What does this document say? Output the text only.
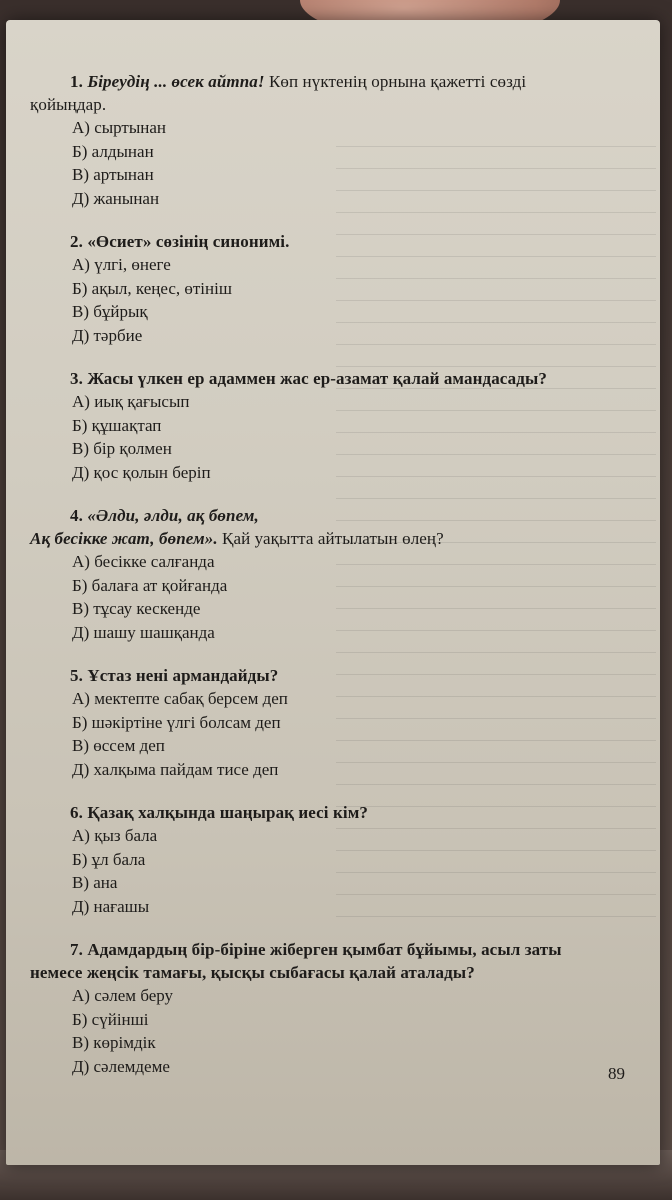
1. Біреудің ... өсек айтпа! Көп нүктенің орнына қажетті сөзді
қойыңдар.
А) сыртынан
Б) алдынан
В) артынан
Д) жанынан
2. «Өсиет» сөзінің синонимі.
А) үлгі, өнеге
Б) ақыл, кеңес, өтініш
В) бұйрық
Д) тәрбие
3. Жасы үлкен ер адаммен жас ер-азамат қалай амандасады?
А) иық қағысып
Б) құшақтап
В) бір қолмен
Д) қос қолын беріп
4. «Әлди, әлди, ақ бөпем,
Ақ бесікке жат, бөпем». Қай уақытта айтылатын өлең?
А) бесікке салғанда
Б) балаға ат қойғанда
В) тұсау кескенде
Д) шашу шашқанда
5. Ұстаз нені армандайды?
А) мектепте сабақ берсем деп
Б) шәкіртіне үлгі болсам деп
В) өссем деп
Д) халқыма пайдам тисе деп
6. Қазақ халқында шаңырақ иесі кім?
А) қыз бала
Б) ұл бала
В) ана
Д) нағашы
7. Адамдардың бір-біріне жіберген қымбат бұйымы, асыл заты
немесе жеңсік тамағы, қысқы сыбағасы қалай аталады?
А) сәлем беру
Б) сүйінші
В) көрімдік
Д) сәлемдеме	89
